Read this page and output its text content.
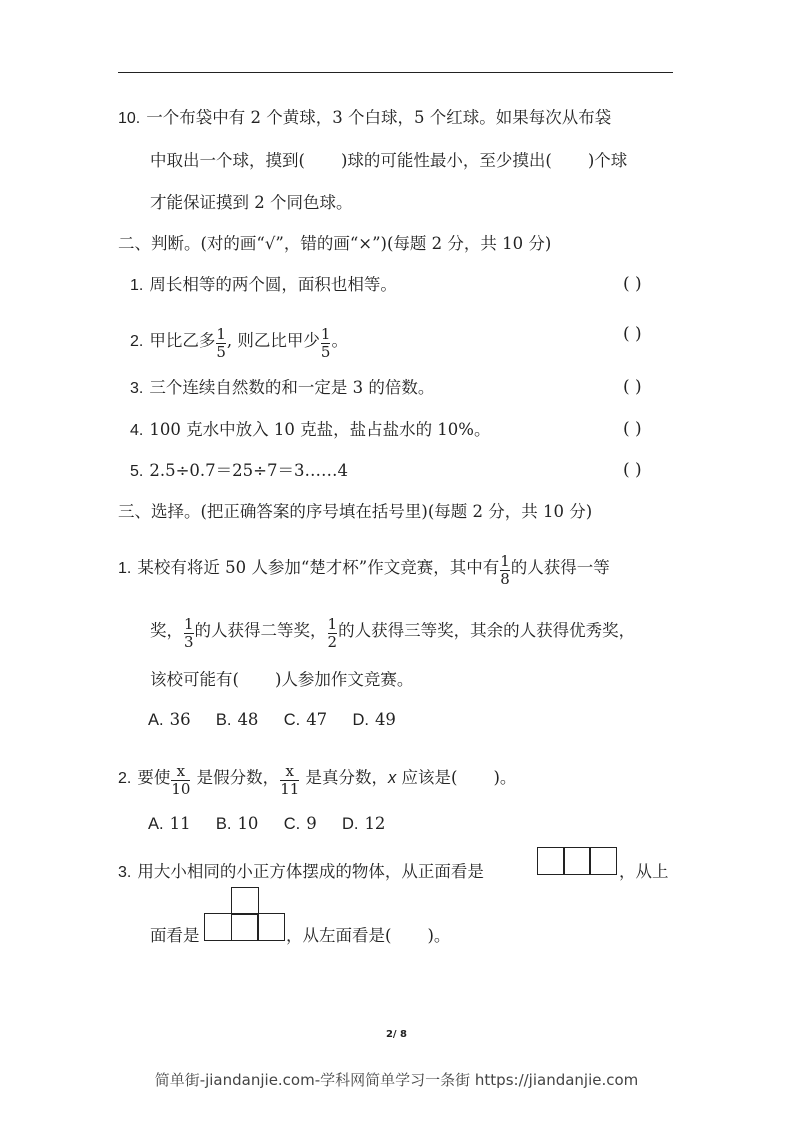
10. 一个布袋中有 2 个黄球，3 个白球，5 个红球。如果每次从布袋
中取出一个球，摸到( )球的可能性最小，至少摸出( )个球
才能保证摸到 2 个同色球。
二、判断。(对的画“√”，错的画“×”)(每题 2 分，共 10 分)
1. 周长相等的两个圆，面积也相等。	( )
2. 甲比乙多 $\frac{1}{5}$ , 则乙比甲少 $\frac{1}{5}$ 。	( )
3. 三个连续自然数的和一定是 3 的倍数。	( )
4. 100 克水中放入 10 克盐，盐占盐水的 10%。	( )
5. 2.5÷0.7＝25÷7＝3……4	( )
三、选择。(把正确答案的序号填在括号里)(每题 2 分，共 10 分)
1. 某校有将近 50 人参加“楚才杯”作文竞赛，其中有 $\frac{1}{8}$ 的人获得一等
奖， $\frac{1}{3}$ 的人获得二等奖， $\frac{1}{2}$ 的人获得三等奖，其余的人获得优秀奖，
该校可能有( )人参加作文竞赛。
A. 36 B. 48 C. 47 D. 49
2. 要使 $\frac{x}{10}$ 是假分数， $\frac{x}{11}$ 是真分数，x 应该是( )。
A. 11 B. 10 C. 9 D. 12
3. 用大小相同的小正方体摆成的物体，从正面看是	，从上
面看是	，从左面看是( )。
2/ 8
简单街-jiandanjie.com-学科网简单学习一条街 https://jiandanjie.com
